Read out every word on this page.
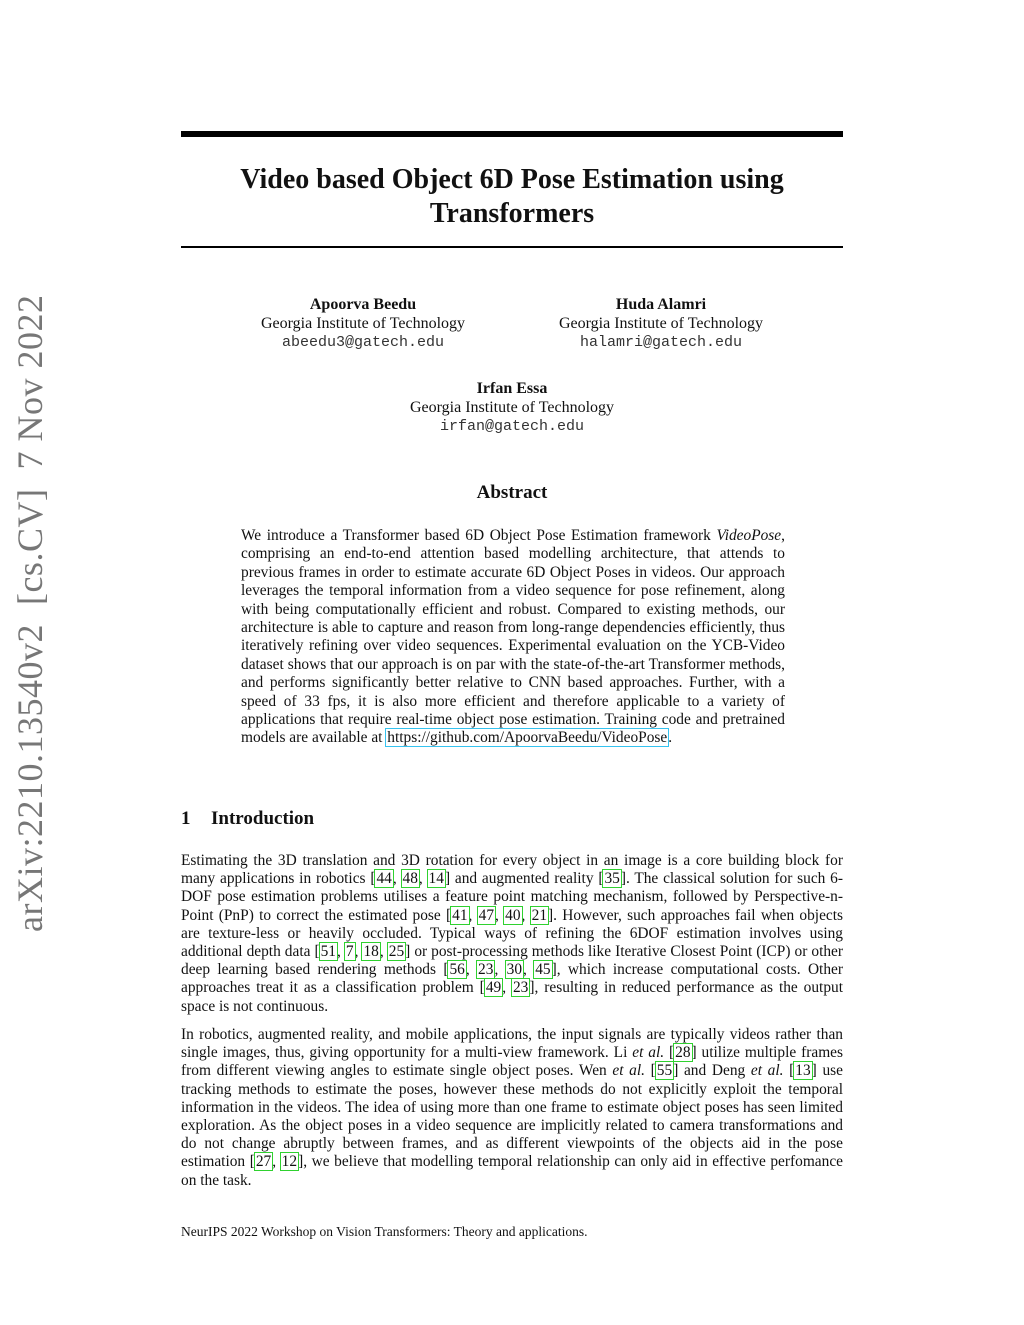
arXiv:2210.13540v2  [cs.CV]  7 Nov 2022
Video based Object 6D Pose Estimation using Transformers
Apoorva Beedu
Georgia Institute of Technology
abeedu3@gatech.edu
Huda Alamri
Georgia Institute of Technology
halamri@gatech.edu
Irfan Essa
Georgia Institute of Technology
irfan@gatech.edu
Abstract

We introduce a Transformer based 6D Object Pose Estimation framework VideoPose, comprising an end-to-end attention based modelling architecture, that attends to previous frames in order to estimate accurate 6D Object Poses in videos. Our approach leverages the temporal information from a video sequence for pose refinement, along with being computationally efficient and robust. Compared to existing methods, our architecture is able to capture and reason from long-range dependencies efficiently, thus iteratively refining over video sequences. Experimental evaluation on the YCB-Video dataset shows that our approach is on par with the state-of-the-art Transformer methods, and performs significantly better relative to CNN based approaches. Further, with a speed of 33 fps, it is also more efficient and therefore applicable to a variety of applications that require real-time object pose estimation. Training code and pretrained models are available at https://github.com/ApoorvaBeedu/VideoPose.

1 Introduction

Estimating the 3D translation and 3D rotation for every object in an image is a core building block for many applications in robotics [44, 48, 14] and augmented reality [35]. The classical solution for such 6-DOF pose estimation problems utilises a feature point matching mechanism, followed by Perspective-n-Point (PnP) to correct the estimated pose [41, 47, 40, 21]. However, such approaches fail when objects are texture-less or heavily occluded. Typical ways of refining the 6DOF estimation involves using additional depth data [51, 7, 18, 25] or post-processing methods like Iterative Closest Point (ICP) or other deep learning based rendering methods [56, 23, 30, 45], which increase computational costs. Other approaches treat it as a classification problem [49, 23], resulting in reduced performance as the output space is not continuous.

In robotics, augmented reality, and mobile applications, the input signals are typically videos rather than single images, thus, giving opportunity for a multi-view framework. Li et al. [28] utilize multiple frames from different viewing angles to estimate single object poses. Wen et al. [55] and Deng et al. [13] use tracking methods to estimate the poses, however these methods do not explicitly exploit the temporal information in the videos. The idea of using more than one frame to estimate object poses has seen limited exploration. As the object poses in a video sequence are implicitly related to camera transformations and do not change abruptly between frames, and as different viewpoints of the objects aid in the pose estimation [27, 12], we believe that modelling temporal relationship can only aid in effective perfomance on the task.

NeurIPS 2022 Workshop on Vision Transformers: Theory and applications.
